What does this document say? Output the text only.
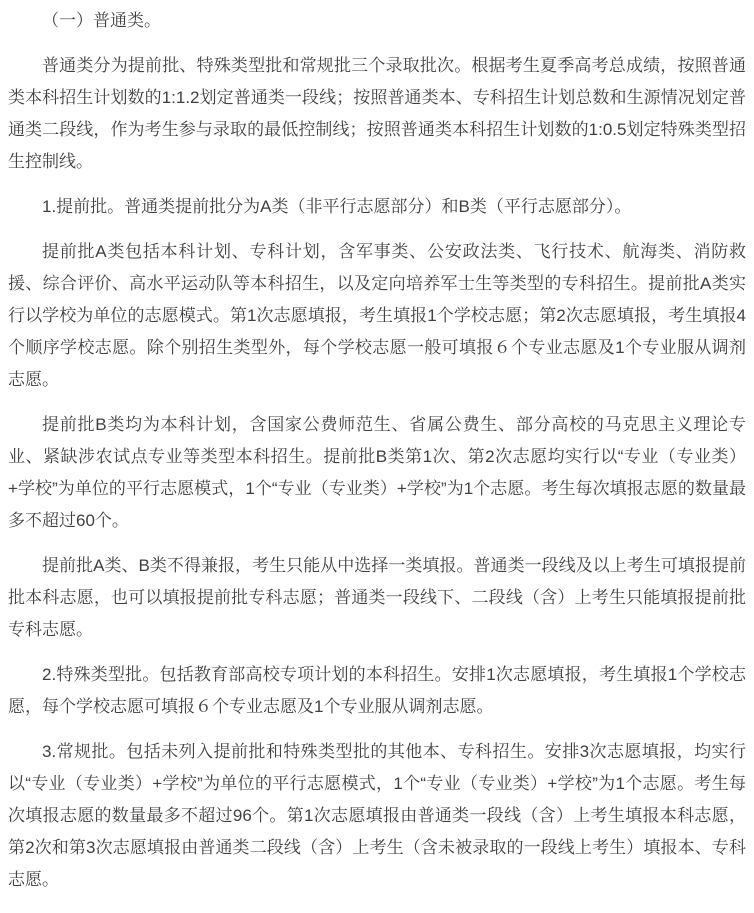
（一）普通类。

普通类分为提前批、特殊类型批和常规批三个录取批次。根据考生夏季高考总成绩，按照普通类本科招生计划数的1:1.2划定普通类一段线；按照普通类本、专科招生计划总数和生源情况划定普通类二段线，作为考生参与录取的最低控制线；按照普通类本科招生计划数的1:0.5划定特殊类型招生控制线。

1.提前批。普通类提前批分为A类（非平行志愿部分）和B类（平行志愿部分）。

提前批A类包括本科计划、专科计划，含军事类、公安政法类、飞行技术、航海类、消防救援、综合评价、高水平运动队等本科招生，以及定向培养军士生等类型的专科招生。提前批A类实行以学校为单位的志愿模式。第1次志愿填报，考生填报1个学校志愿；第2次志愿填报，考生填报4个顺序学校志愿。除个别招生类型外，每个学校志愿一般可填报６个专业志愿及1个专业服从调剂志愿。

提前批B类均为本科计划，含国家公费师范生、省属公费生、部分高校的马克思主义理论专业、紧缺涉农试点专业等类型本科招生。提前批B类第1次、第2次志愿均实行以“专业（专业类）+学校”为单位的平行志愿模式，1个“专业（专业类）+学校”为1个志愿。考生每次填报志愿的数量最多不超过60个。

提前批A类、B类不得兼报，考生只能从中选择一类填报。普通类一段线及以上考生可填报提前批本科志愿，也可以填报提前批专科志愿；普通类一段线下、二段线（含）上考生只能填报提前批专科志愿。

2.特殊类型批。包括教育部高校专项计划的本科招生。安排1次志愿填报，考生填报1个学校志愿，每个学校志愿可填报６个专业志愿及1个专业服从调剂志愿。

3.常规批。包括未列入提前批和特殊类型批的其他本、专科招生。安排3次志愿填报，均实行以“专业（专业类）+学校”为单位的平行志愿模式，1个“专业（专业类）+学校”为1个志愿。考生每次填报志愿的数量最多不超过96个。第1次志愿填报由普通类一段线（含）上考生填报本科志愿，第2次和第3次志愿填报由普通类二段线（含）上考生（含未被录取的一段线上考生）填报本、专科志愿。
